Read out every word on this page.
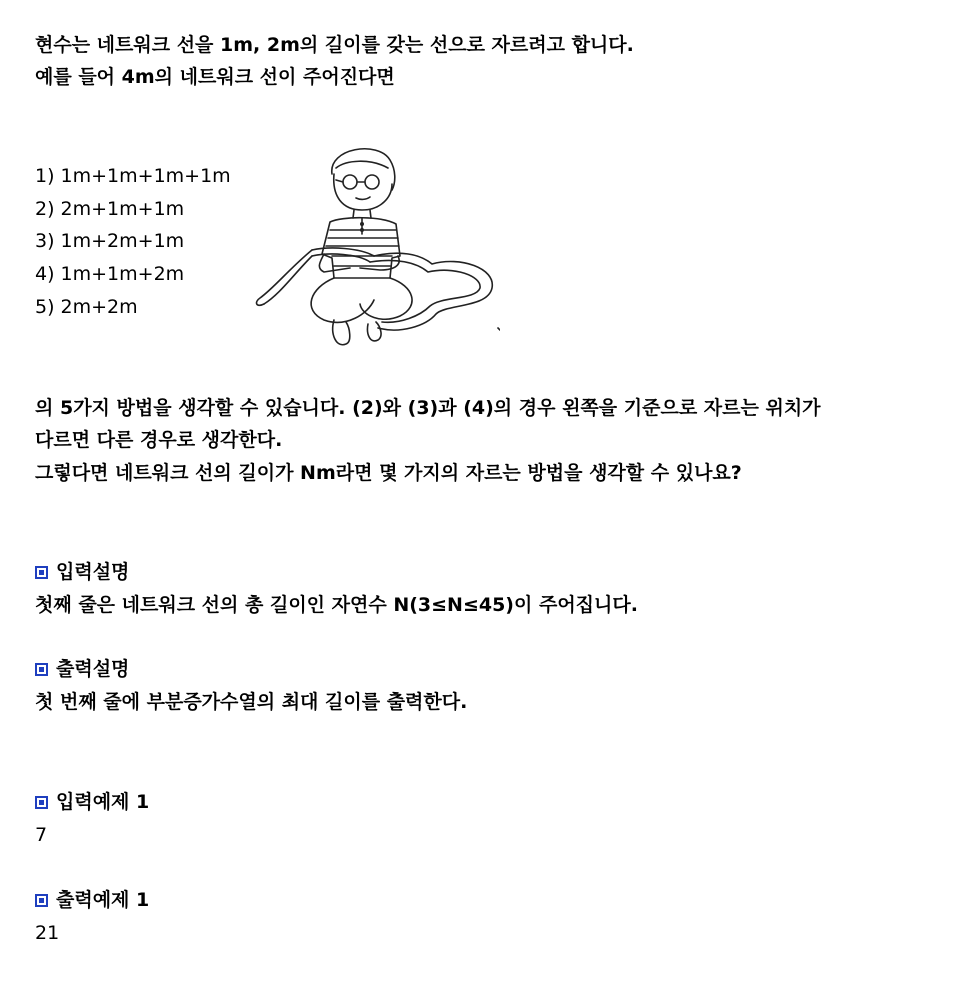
현수는 네트워크 선을 1m, 2m의 길이를 갖는 선으로 자르려고 합니다.
예를 들어 4m의 네트워크 선이 주어진다면
1) 1m+1m+1m+1m
2) 2m+1m+1m
3) 1m+2m+1m
4) 1m+1m+2m
5) 2m+2m
의 5가지 방법을 생각할 수 있습니다. (2)와 (3)과 (4)의 경우 왼쪽을 기준으로 자르는 위치가
다르면 다른 경우로 생각한다.
그렇다면 네트워크 선의 길이가 Nm라면 몇 가지의 자르는 방법을 생각할 수 있나요?
입력설명
첫째 줄은 네트워크 선의 총 길이인 자연수 N(3≤N≤45)이 주어집니다.
출력설명
첫 번째 줄에 부분증가수열의 최대 길이를 출력한다.
입력예제 1
7
출력예제 1
21
